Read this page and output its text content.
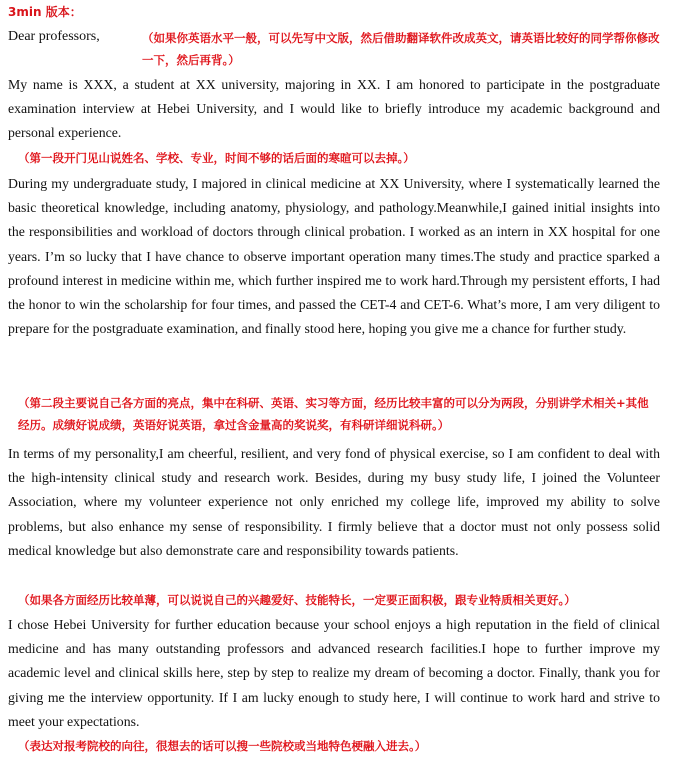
3min 版本：
Dear professors,	（如果你英语水平一般，可以先写中文版，然后借助翻译软件改成英文，请英语比较好的同学帮你修改一下，然后再背。）
My name is XXX, a student at XX university, majoring in XX. I am honored to participate in the postgraduate examination interview at Hebei University, and I would like to briefly introduce my academic background and personal experience.
（第一段开门见山说姓名、学校、专业，时间不够的话后面的寒暄可以去掉。）
During my undergraduate study, I majored in clinical medicine at XX University, where I systematically learned the basic theoretical knowledge, including anatomy, physiology, and pathology.Meanwhile,I gained initial insights into the responsibilities and workload of doctors through clinical probation. I worked as an intern in XX hospital for one years. I’m so lucky that I have chance to observe important operation many times.The study and practice sparked a profound interest in medicine within me, which further inspired me to work hard.Through my persistent efforts, I had the honor to win the scholarship for four times, and passed the CET-4 and CET-6. What’s more, I am very diligent to prepare for the postgraduate examination, and finally stood here, hoping you give me a chance for further study.
（第二段主要说自己各方面的亮点，集中在科研、英语、实习等方面，经历比较丰富的可以分为两段，分别讲学术相关+其他经历。成绩好说成绩，英语好说英语，拿过含金量高的奖说奖，有科研详细说科研。）
In terms of my personality,I am cheerful, resilient, and very fond of physical exercise, so I am confident to deal with the high-intensity clinical study and research work. Besides, during my busy study life, I joined the Volunteer Association, where my volunteer experience not only enriched my college life, improved my ability to solve problems, but also enhance my sense of responsibility. I firmly believe that a doctor must not only possess solid medical knowledge but also demonstrate care and responsibility towards patients.
（如果各方面经历比较单薄，可以说说自己的兴趣爱好、技能特长，一定要正面积极，跟专业特质相关更好。）
I chose Hebei University for further education because your school enjoys a high reputation in the field of clinical medicine and has many outstanding professors and advanced research facilities.I hope to further improve my academic level and clinical skills here, step by step to realize my dream of becoming a doctor. Finally, thank you for giving me the interview opportunity. If I am lucky enough to study here, I will continue to work hard and strive to meet your expectations.
（表达对报考院校的向往，很想去的话可以搜一些院校或当地特色梗融入进去。）
